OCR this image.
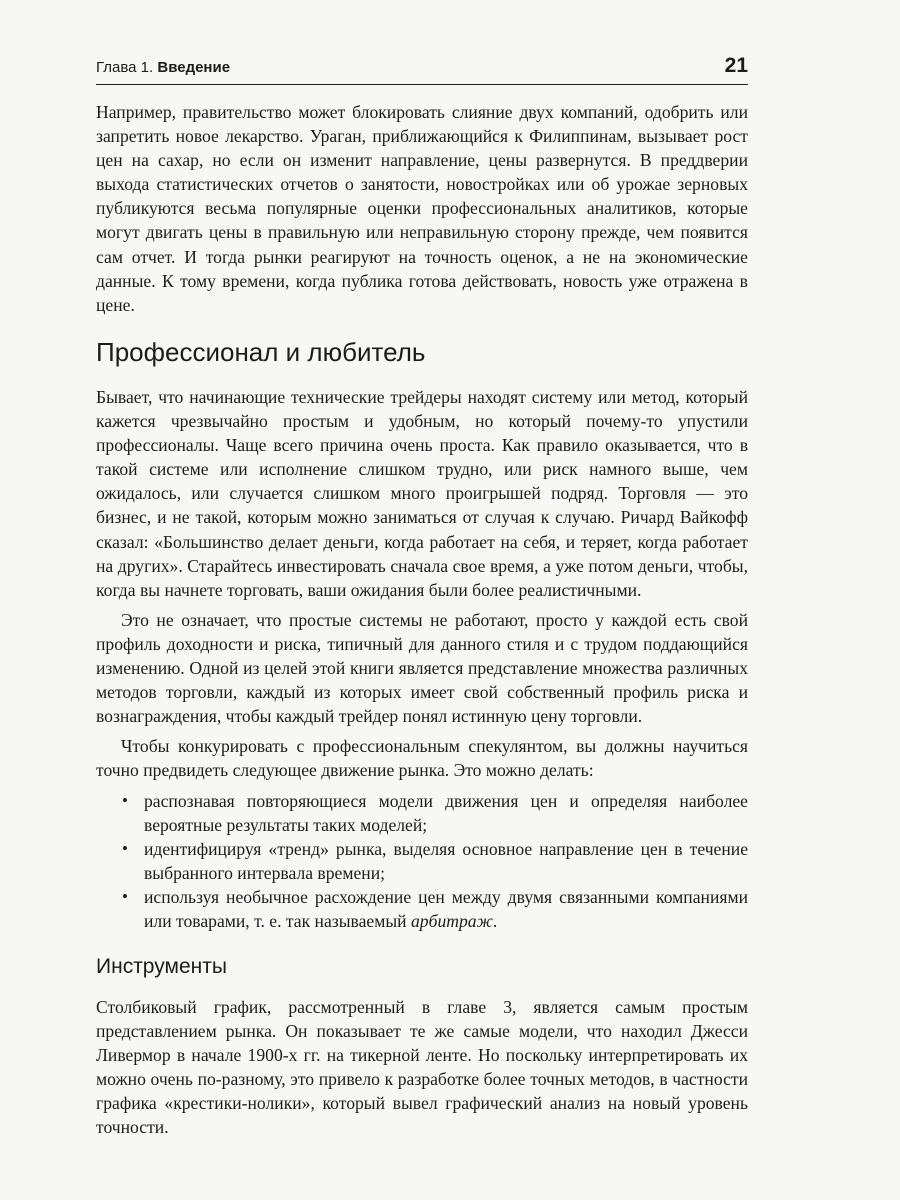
Глава 1. Введение	21

Например, правительство может блокировать слияние двух компаний, одобрить или запретить новое лекарство. Ураган, приближающийся к Филиппинам, вызывает рост цен на сахар, но если он изменит направление, цены развернутся. В преддверии выхода статистических отчетов о занятости, новостройках или об урожае зерновых публикуются весьма популярные оценки профессиональных аналитиков, которые могут двигать цены в правильную или неправильную сторону прежде, чем появится сам отчет. И тогда рынки реагируют на точность оценок, а не на экономические данные. К тому времени, когда публика готова действовать, новость уже отражена в цене.

Профессионал и любитель

Бывает, что начинающие технические трейдеры находят систему или метод, который кажется чрезвычайно простым и удобным, но который почему-то упустили профессионалы. Чаще всего причина очень проста. Как правило оказывается, что в такой системе или исполнение слишком трудно, или риск намного выше, чем ожидалось, или случается слишком много проигрышей подряд. Торговля — это бизнес, и не такой, которым можно заниматься от случая к случаю. Ричард Вайкофф сказал: «Большинство делает деньги, когда работает на себя, и теряет, когда работает на других». Старайтесь инвестировать сначала свое время, а уже потом деньги, чтобы, когда вы начнете торговать, ваши ожидания были более реалистичными.

Это не означает, что простые системы не работают, просто у каждой есть свой профиль доходности и риска, типичный для данного стиля и с трудом поддающийся изменению. Одной из целей этой книги является представление множества различных методов торговли, каждый из которых имеет свой собственный профиль риска и вознаграждения, чтобы каждый трейдер понял истинную цену торговли.

Чтобы конкурировать с профессиональным спекулянтом, вы должны научиться точно предвидеть следующее движение рынка. Это можно делать:

• распознавая повторяющиеся модели движения цен и определяя наиболее вероятные результаты таких моделей;
• идентифицируя «тренд» рынка, выделяя основное направление цен в течение выбранного интервала времени;
• используя необычное расхождение цен между двумя связанными компаниями или товарами, т. е. так называемый арбитраж.
Инструменты

Столбиковый график, рассмотренный в главе 3, является самым простым представлением рынка. Он показывает те же самые модели, что находил Джесси Ливермор в начале 1900-х гг. на тикерной ленте. Но поскольку интерпретировать их можно очень по-разному, это привело к разработке более точных методов, в частности графика «крестики-нолики», который вывел графический анализ на новый уровень точности.
